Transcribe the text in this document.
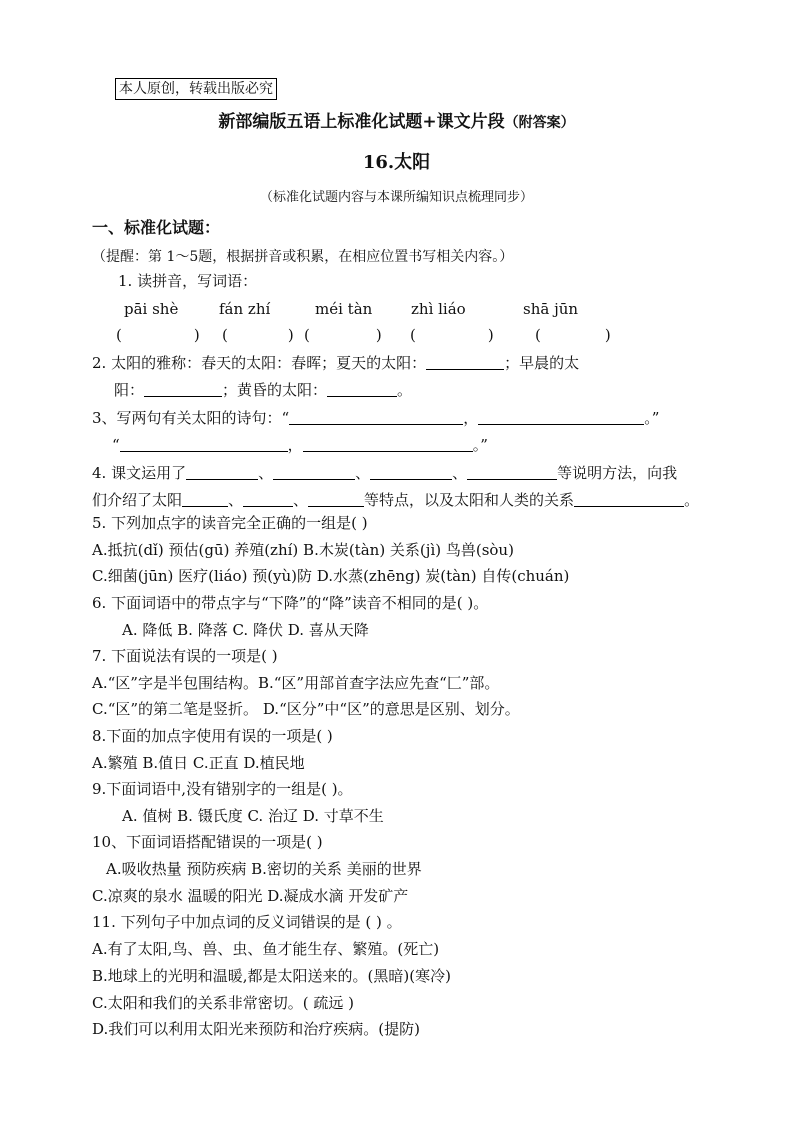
本人原创，转载出版必究
新部编版五语上标准化试题+课文片段（附答案）
16.太阳
（标准化试题内容与本课所编知识点梳理同步）
一、标准化试题：
（提醒：第 1～5题，根据拼音或积累，在相应位置书写相关内容。）
1. 读拼音，写词语：
pāi shè	fán zhí	méi tàn	zhì liáo	shā jūn
(	) (	) (	) (	)	(	)
2. 太阳的雅称：春天的太阳：春晖；夏天的太阳：	；早晨的太
阳：	；黄昏的太阳：	。
3、写两句有关太阳的诗句：“	，	。”
“	，	。”
4. 课文运用了	、	、	、	等说明方法，向我
们介绍了太阳	、	、	等特点，以及太阳和人类的关系	。
5. 下列加点字的读音完全正确的一组是( )
A.抵抗(dǐ) 预估(gū) 养殖(zhí) B.木炭(tàn) 关系(jì) 鸟兽(sòu)
C.细菌(jūn) 医疗(liáo) 预(yù)防 D.水蒸(zhēng) 炭(tàn) 自传(chuán)
6. 下面词语中的带点字与“下降”的“降”读音不相同的是( )。
A. 降低 B. 降落 C. 降伏 D. 喜从天降
7. 下面说法有误的一项是( )
A.“区”字是半包围结构。B.“区”用部首查字法应先查“匚”部。
C.“区”的第二笔是竖折。 D.“区分”中“区”的意思是区别、划分。
8.下面的加点字使用有误的一项是( )
A.繁殖 B.值日 C.正直 D.植民地
9.下面词语中,没有错别字的一组是( )。
A. 值树 B. 镊氏度 C. 治辽 D. 寸草不生
10、下面词语搭配错误的一项是( )
A.吸收热量 预防疾病 B.密切的关系 美丽的世界
C.凉爽的泉水 温暖的阳光 D.凝成水滴 开发矿产
11. 下列句子中加点词的反义词错误的是 ( ) 。
A.有了太阳,鸟、兽、虫、鱼才能生存、繁殖。(死亡)
B.地球上的光明和温暖,都是太阳送来的。(黑暗)(寒冷)
C.太阳和我们的关系非常密切。( 疏远 )
D.我们可以利用太阳光来预防和治疗疾病。(提防)
